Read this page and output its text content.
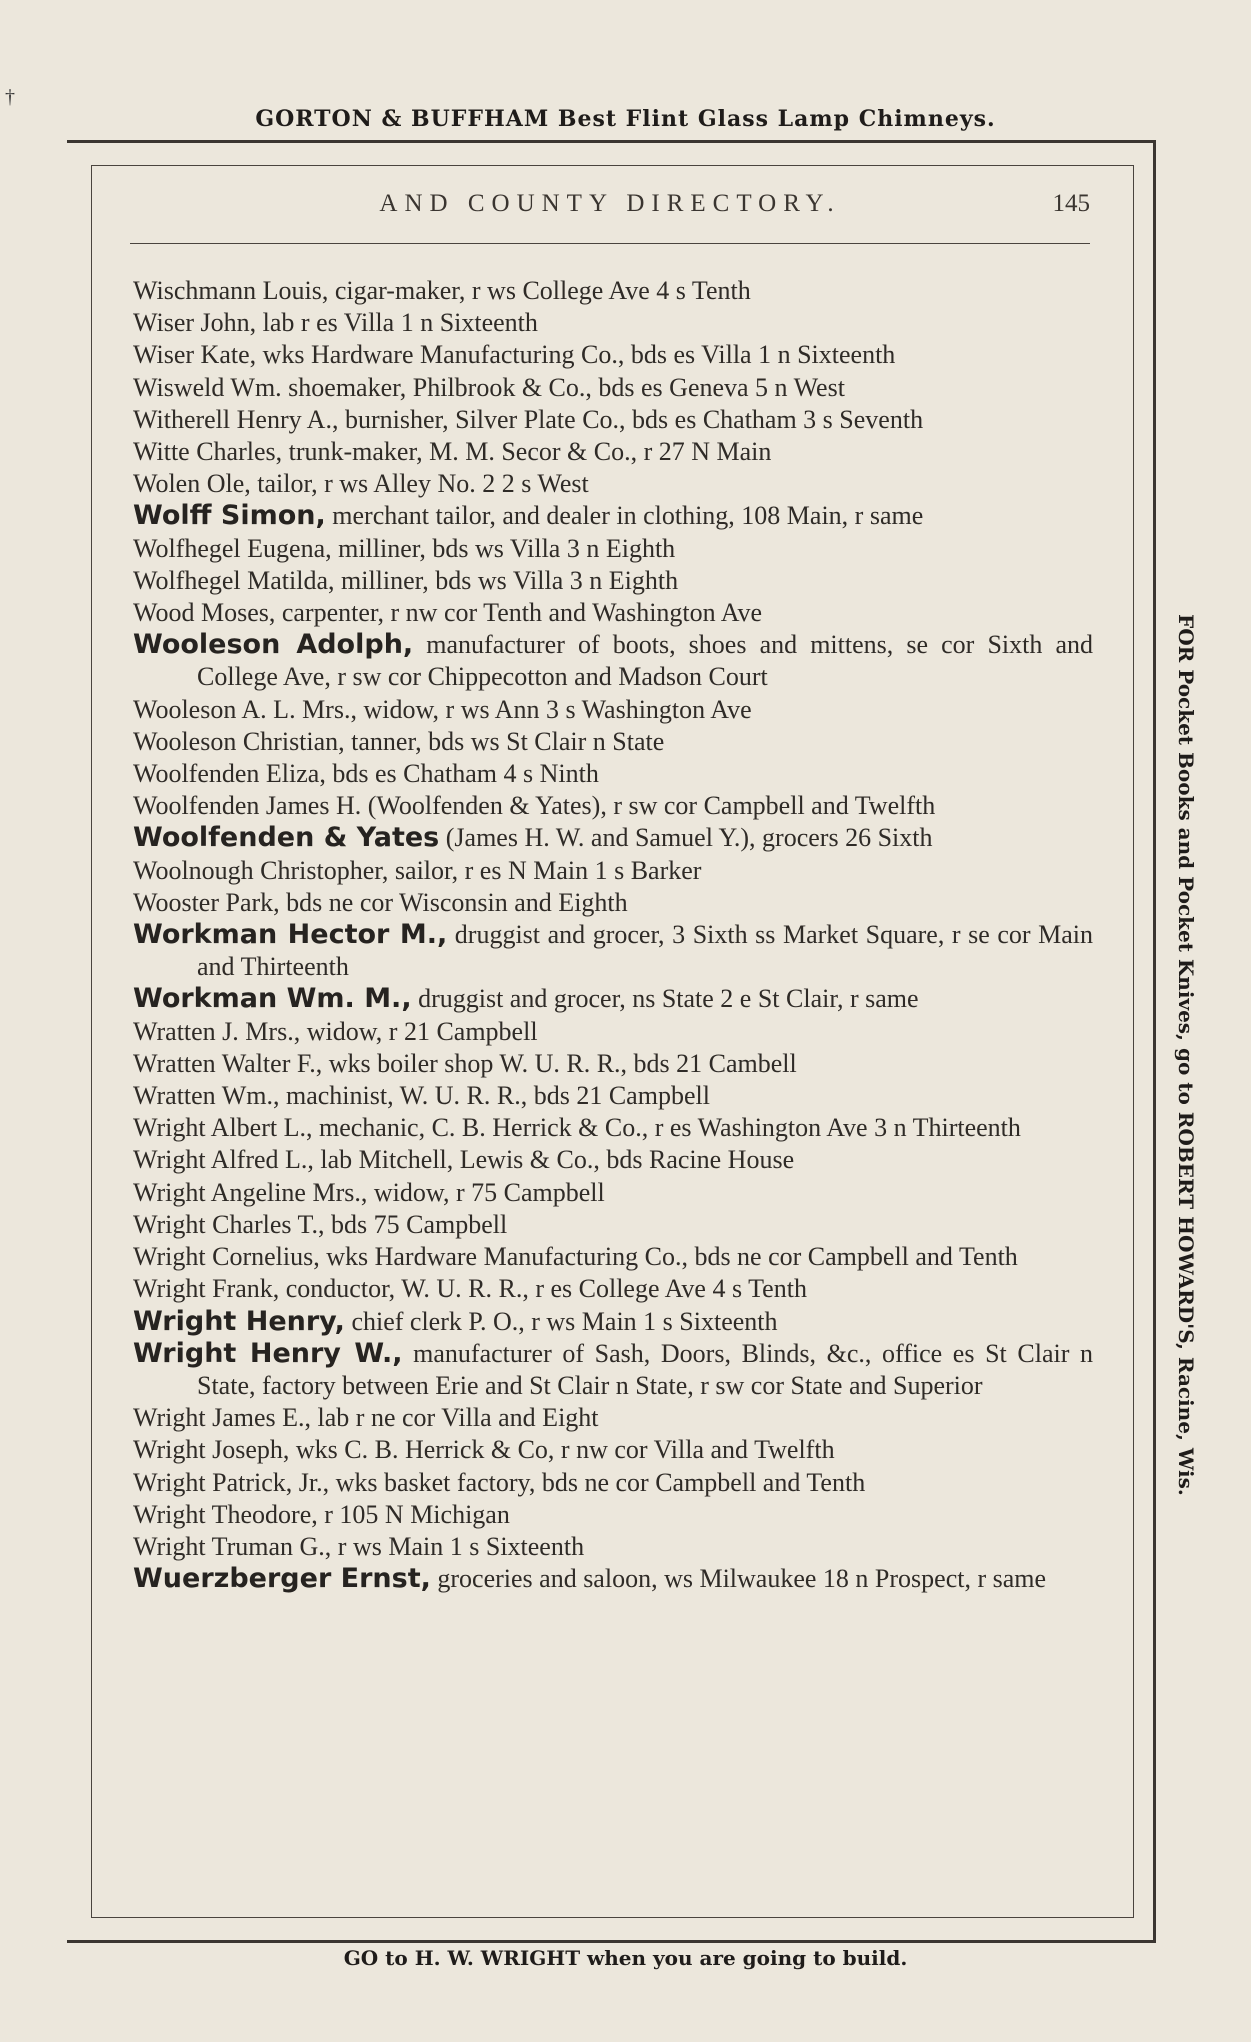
†
GORTON & BUFFHAM Best Flint Glass Lamp Chimneys.
AND COUNTY DIRECTORY.	145
Wischmann Louis, cigar-maker, r ws College Ave 4 s Tenth
Wiser John, lab r es Villa 1 n Sixteenth
Wiser Kate, wks Hardware Manufacturing Co., bds es Villa 1 n Sixteenth
Wisweld Wm. shoemaker, Philbrook & Co., bds es Geneva 5 n West
Witherell Henry A., burnisher, Silver Plate Co., bds es Chatham 3 s Seventh
Witte Charles, trunk-maker, M. M. Secor & Co., r 27 N Main
Wolen Ole, tailor, r ws Alley No. 2 2 s West
Wolff Simon, merchant tailor, and dealer in clothing, 108 Main, r same
Wolfhegel Eugena, milliner, bds ws Villa 3 n Eighth
Wolfhegel Matilda, milliner, bds ws Villa 3 n Eighth
Wood Moses, carpenter, r nw cor Tenth and Washington Ave
Wooleson Adolph, manufacturer of boots, shoes and mittens, se cor Sixth and College Ave, r sw cor Chippecotton and Madson Court
Wooleson A. L. Mrs., widow, r ws Ann 3 s Washington Ave
Wooleson Christian, tanner, bds ws St Clair n State
Woolfenden Eliza, bds es Chatham 4 s Ninth
Woolfenden James H. (Woolfenden & Yates), r sw cor Campbell and Twelfth
Woolfenden & Yates (James H. W. and Samuel Y.), grocers 26 Sixth
Woolnough Christopher, sailor, r es N Main 1 s Barker
Wooster Park, bds ne cor Wisconsin and Eighth
Workman Hector M., druggist and grocer, 3 Sixth ss Market Square, r se cor Main and Thirteenth
Workman Wm. M., druggist and grocer, ns State 2 e St Clair, r same
Wratten J. Mrs., widow, r 21 Campbell
Wratten Walter F., wks boiler shop W. U. R. R., bds 21 Cambell
Wratten Wm., machinist, W. U. R. R., bds 21 Campbell
Wright Albert L., mechanic, C. B. Herrick & Co., r es Washington Ave 3 n Thirteenth
Wright Alfred L., lab Mitchell, Lewis & Co., bds Racine House
Wright Angeline Mrs., widow, r 75 Campbell
Wright Charles T., bds 75 Campbell
Wright Cornelius, wks Hardware Manufacturing Co., bds ne cor Campbell and Tenth
Wright Frank, conductor, W. U. R. R., r es College Ave 4 s Tenth
Wright Henry, chief clerk P. O., r ws Main 1 s Sixteenth
Wright Henry W., manufacturer of Sash, Doors, Blinds, &c., office es St Clair n State, factory between Erie and St Clair n State, r sw cor State and Superior
Wright James E., lab r ne cor Villa and Eight
Wright Joseph, wks C. B. Herrick & Co, r nw cor Villa and Twelfth
Wright Patrick, Jr., wks basket factory, bds ne cor Campbell and Tenth
Wright Theodore, r 105 N Michigan
Wright Truman G., r ws Main 1 s Sixteenth
Wuerzberger Ernst, groceries and saloon, ws Milwaukee 18 n Prospect, r same
FOR Pocket Books and Pocket Knives, go to ROBERT HOWARD'S, Racine, Wis.
GO to H. W. WRIGHT when you are going to build.
